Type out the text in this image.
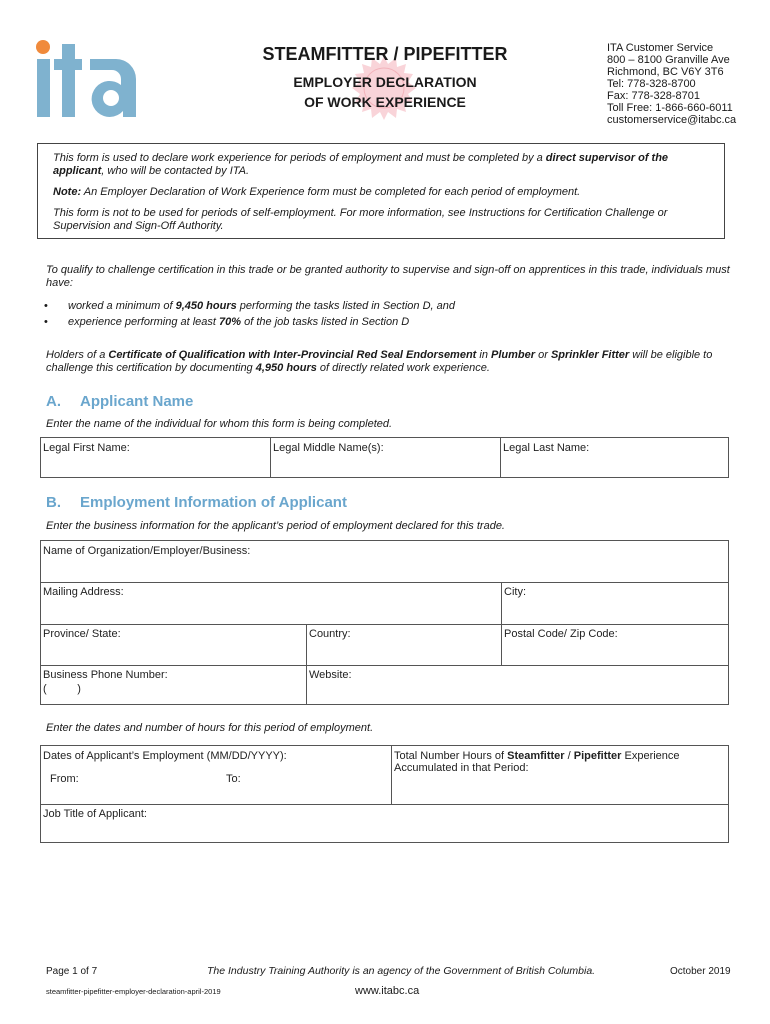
ita
STEAMFITTER / PIPEFITTER
EMPLOYER DECLARATION
OF WORK EXPERIENCE
ITA Customer Service
800 – 8100 Granville Ave
Richmond, BC V6Y 3T6
Tel: 778-328-8700
Fax: 778-328-8701
Toll Free: 1-866-660-6011
customerservice@itabc.ca

This form is used to declare work experience for periods of employment and must be completed by a direct supervisor of the applicant, who will be contacted by ITA.

Note: An Employer Declaration of Work Experience form must be completed for each period of employment.

This form is not to be used for periods of self-employment. For more information, see Instructions for Certification Challenge or Supervision and Sign-Off Authority.

To qualify to challenge certification in this trade or be granted authority to supervise and sign-off on apprentices in this trade, individuals must have:
• worked a minimum of 9,450 hours performing the tasks listed in Section D, and
• experience performing at least 70% of the job tasks listed in Section D
Holders of a Certificate of Qualification with Inter-Provincial Red Seal Endorsement in Plumber or Sprinkler Fitter will be eligible to challenge this certification by documenting 4,950 hours of directly related work experience.
A. Applicant Name
Enter the name of the individual for whom this form is being completed.
Legal First Name:	Legal Middle Name(s):	Legal Last Name:
B. Employment Information of Applicant
Enter the business information for the applicant’s period of employment declared for this trade.
Name of Organization/Employer/Business:
Mailing Address:	City:
Province/ State:	Country:	Postal Code/ Zip Code:
Business Phone Number:
(          )
Website:
Enter the dates and number of hours for this period of employment.
Dates of Applicant’s Employment (MM/DD/YYYY):
From:	To:
Total Number Hours of Steamfitter / Pipefitter Experience
Accumulated in that Period:
Job Title of Applicant:
Page 1 of 7	The Industry Training Authority is an agency of the Government of British Columbia.	October 2019
steamfitter-pipefitter-employer-declaration-april-2019	www.itabc.ca
